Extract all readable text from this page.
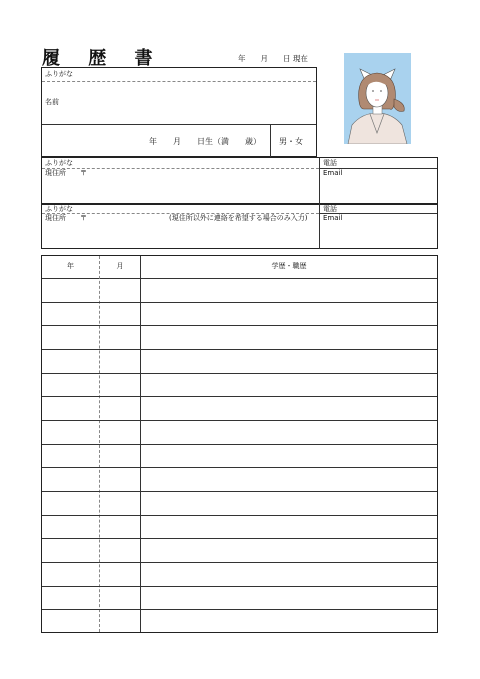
履 歴 書	年　　月　　日 現在
ふりがな
名前
年　　月　　日生（満　　歳） 男・女
ふりがな
現住所　　〒
電話
Email
ふりがな
現住所　　〒	(現住所以外に連絡を希望する場合のみ入力)
電話
Email
年	月	学歴・職歴
